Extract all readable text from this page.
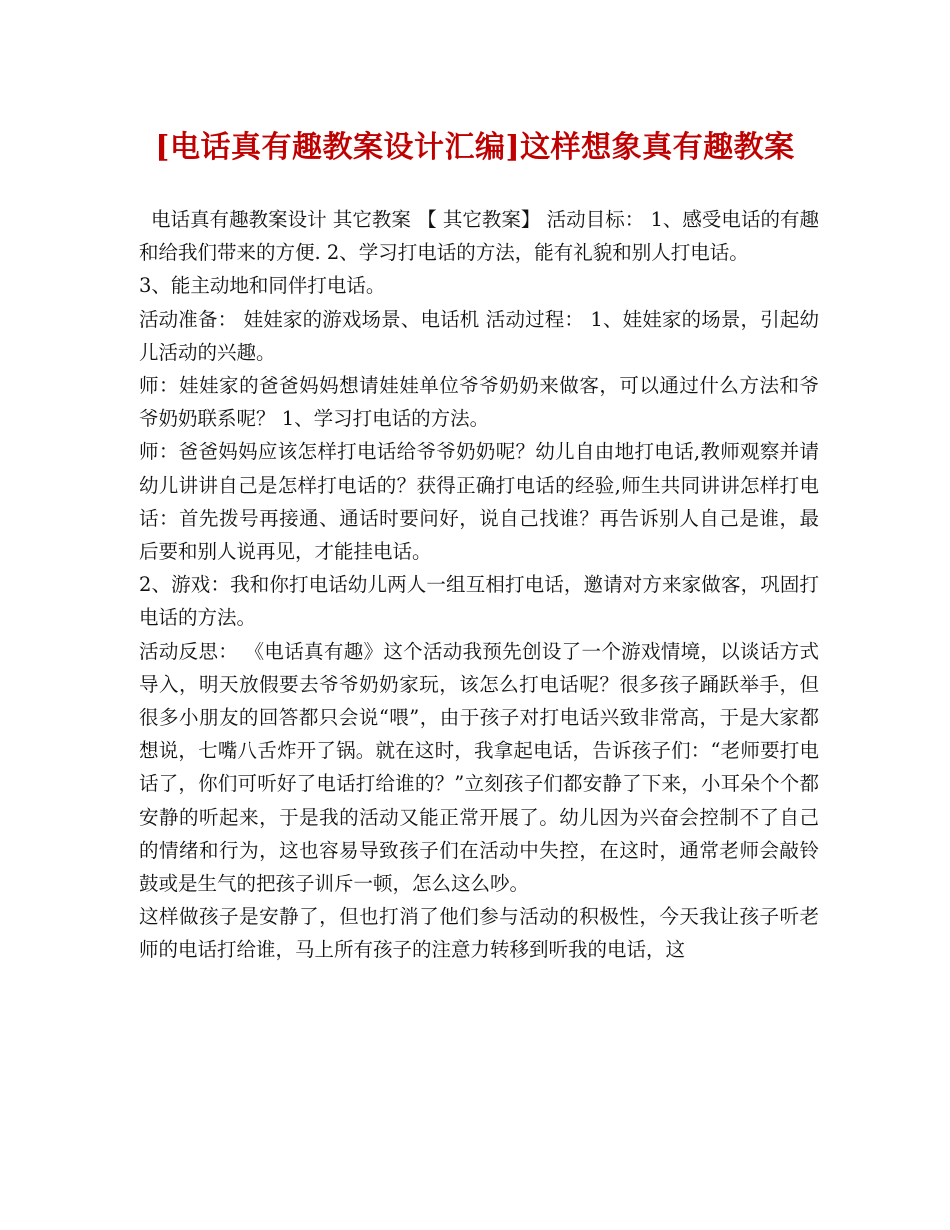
[电话真有趣教案设计汇编]这样想象真有趣教案

电话真有趣教案设计 其它教案 【 其它教案】 活动目标： 1、感受电话的有趣和给我们带来的方便. 2、学习打电话的方法，能有礼貌和别人打电话。

3、能主动地和同伴打电话。

活动准备： 娃娃家的游戏场景、电话机 活动过程： 1、娃娃家的场景，引起幼儿活动的兴趣。

师：娃娃家的爸爸妈妈想请娃娃单位爷爷奶奶来做客，可以通过什么方法和爷爷奶奶联系呢？ 1、学习打电话的方法。

师：爸爸妈妈应该怎样打电话给爷爷奶奶呢？幼儿自由地打电话,教师观察并请幼儿讲讲自己是怎样打电话的？获得正确打电话的经验,师生共同讲讲怎样打电话：首先拨号再接通、通话时要问好，说自己找谁？再告诉别人自己是谁，最后要和别人说再见，才能挂电话。

2、游戏：我和你打电话幼儿两人一组互相打电话，邀请对方来家做客，巩固打电话的方法。

活动反思： 《电话真有趣》这个活动我预先创设了一个游戏情境，以谈话方式导入，明天放假要去爷爷奶奶家玩，该怎么打电话呢？很多孩子踊跃举手，但很多小朋友的回答都只会说“喂”，由于孩子对打电话兴致非常高，于是大家都想说，七嘴八舌炸开了锅。就在这时，我拿起电话，告诉孩子们：“老师要打电话了，你们可听好了电话打给谁的？”立刻孩子们都安静了下来，小耳朵个个都安静的听起来，于是我的活动又能正常开展了。幼儿因为兴奋会控制不了自己的情绪和行为，这也容易导致孩子们在活动中失控，在这时，通常老师会敲铃鼓或是生气的把孩子训斥一顿，怎么这么吵。

这样做孩子是安静了，但也打消了他们参与活动的积极性，今天我让孩子听老师的电话打给谁，马上所有孩子的注意力转移到听我的电话，这
